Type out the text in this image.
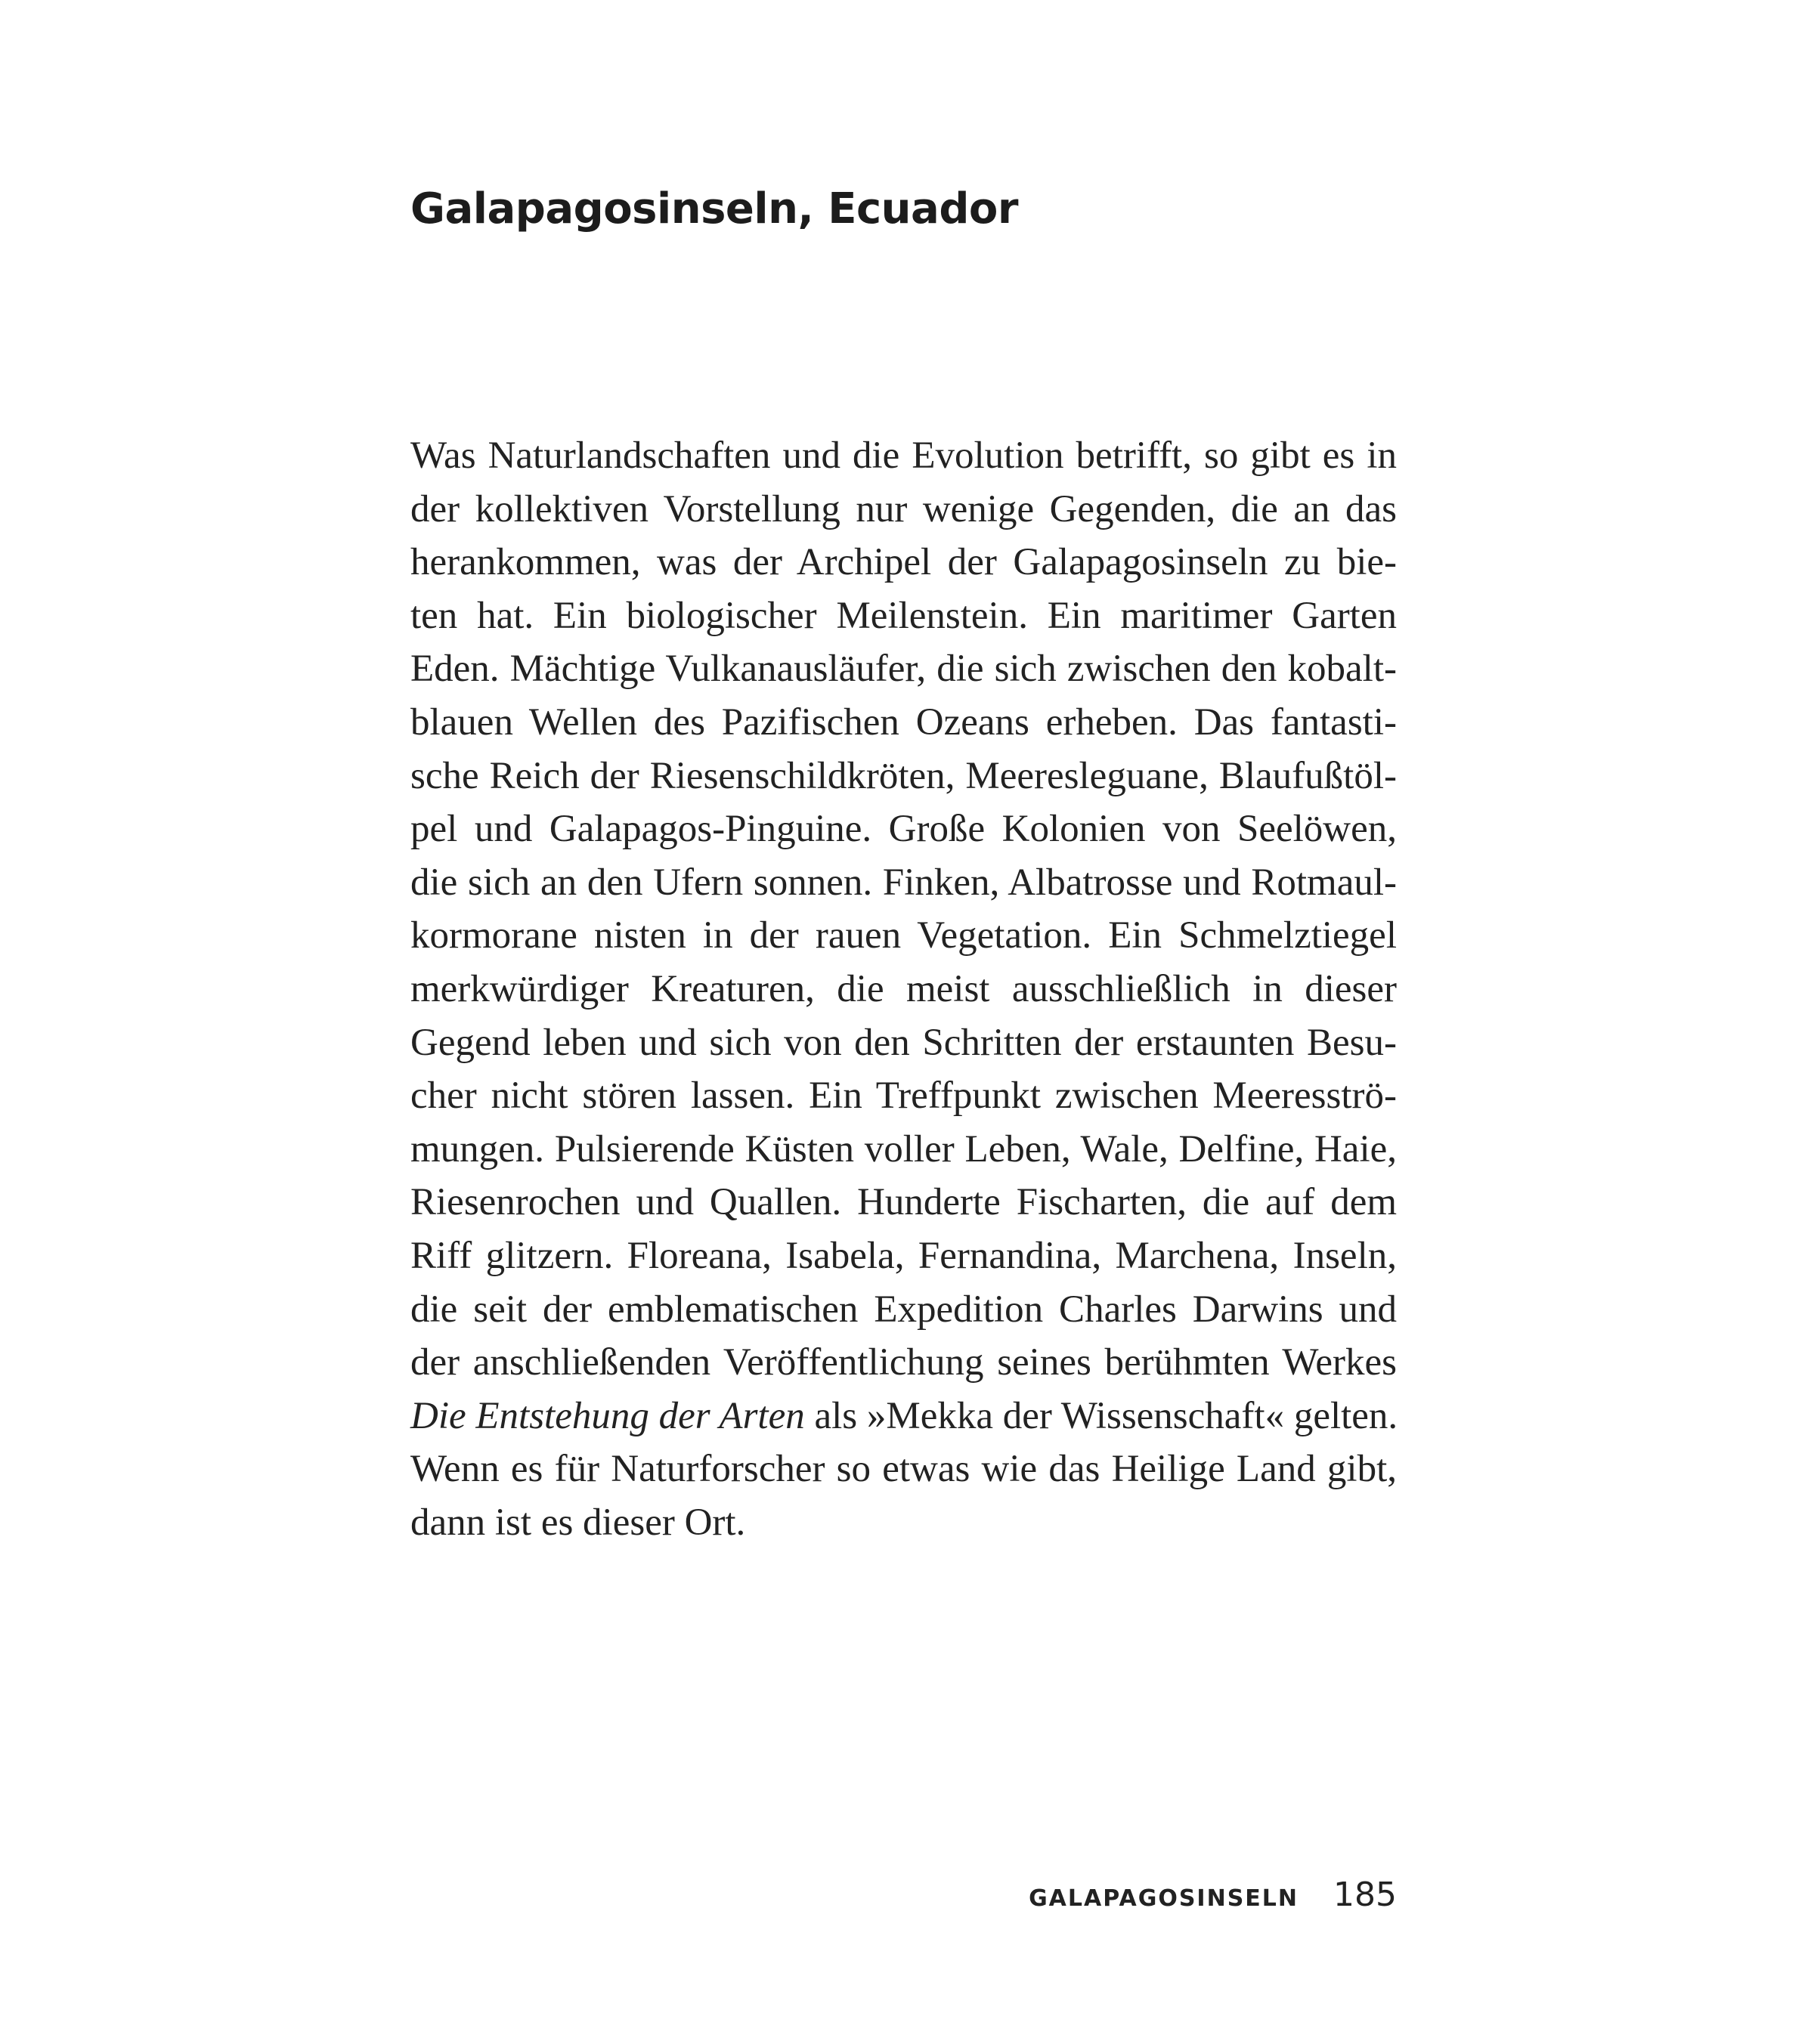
Galapagosinseln, Ecuador
Was Naturlandschaften und die Evolution betrifft, so gibt es in
der kollektiven Vorstellung nur wenige Gegenden, die an das
herankommen, was der Archipel der Galapagosinseln zu bie-
ten hat. Ein biologischer Meilenstein. Ein maritimer Garten
Eden. Mächtige Vulkanausläufer, die sich zwischen den kobalt-
blauen Wellen des Pazifischen Ozeans erheben. Das fantasti-
sche Reich der Riesenschildkröten, Meeresleguane, Blaufußtöl-
pel und Galapagos-Pinguine. Große Kolonien von Seelöwen,
die sich an den Ufern sonnen. Finken, Albatrosse und Rotmaul-
kormorane nisten in der rauen Vegetation. Ein Schmelztiegel
merkwürdiger Kreaturen, die meist ausschließlich in dieser
Gegend leben und sich von den Schritten der erstaunten Besu-
cher nicht stören lassen. Ein Treffpunkt zwischen Meeresströ-
mungen. Pulsierende Küsten voller Leben, Wale, Delfine, Haie,
Riesenrochen und Quallen. Hunderte Fischarten, die auf dem
Riff glitzern. Floreana, Isabela, Fernandina, Marchena, Inseln,
die seit der emblematischen Expedition Charles Darwins und
der anschließenden Veröffentlichung seines berühmten Werkes
Die Entstehung der Arten als »Mekka der Wissenschaft« gelten.
Wenn es für Naturforscher so etwas wie das Heilige Land gibt,
dann ist es dieser Ort.
GALAPAGOSINSELN 185
